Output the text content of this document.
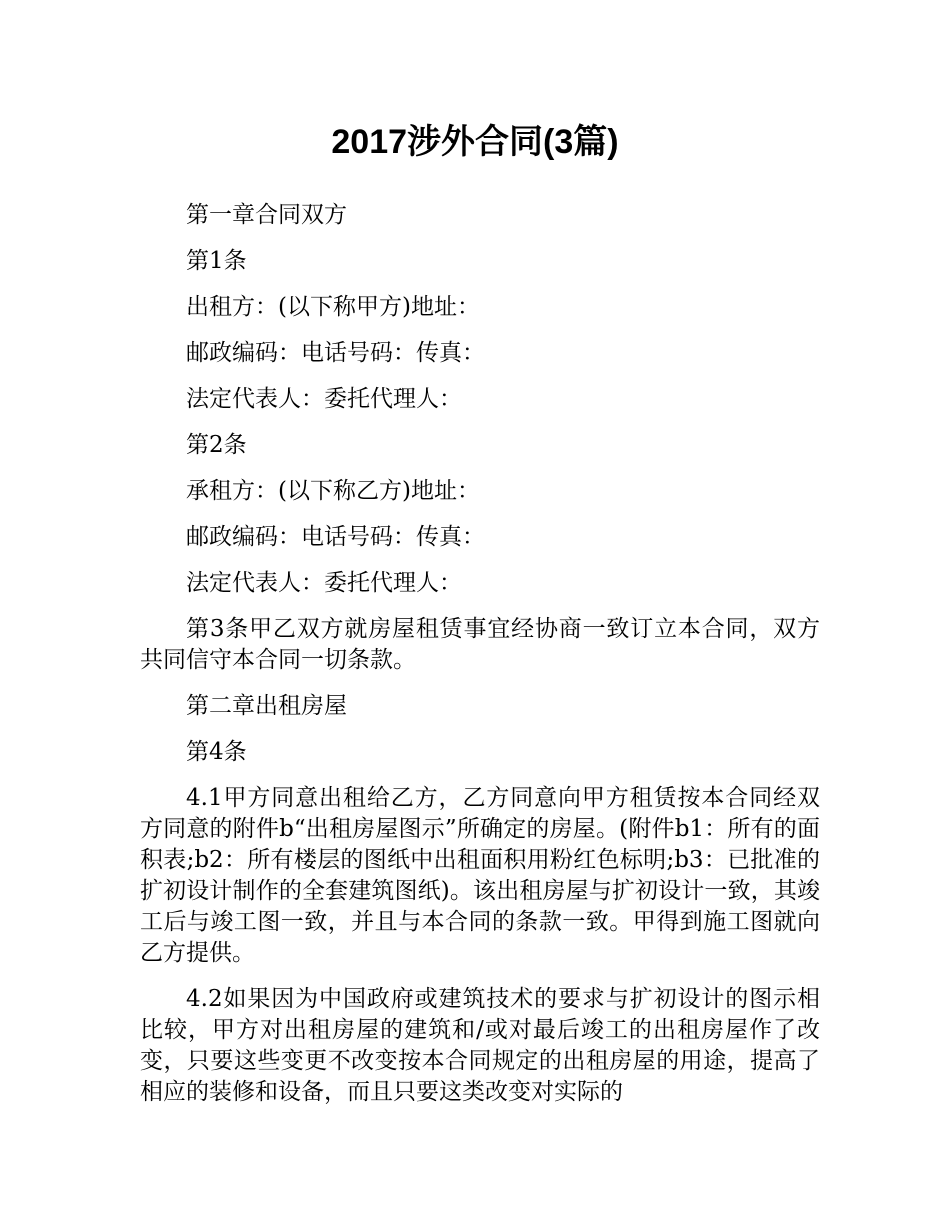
2017涉外合同(3篇)

第一章合同双方

第1条

出租方：(以下称甲方)地址：

邮政编码：电话号码：传真：

法定代表人：委托代理人：

第2条

承租方：(以下称乙方)地址：

邮政编码：电话号码：传真：

法定代表人：委托代理人：

第3条甲乙双方就房屋租赁事宜经协商一致订立本合同，双方共同信守本合同一切条款。

第二章出租房屋

第4条

4.1甲方同意出租给乙方，乙方同意向甲方租赁按本合同经双方同意的附件b“出租房屋图示”所确定的房屋。(附件b1：所有的面积表;b2：所有楼层的图纸中出租面积用粉红色标明;b3：已批准的扩初设计制作的全套建筑图纸)。该出租房屋与扩初设计一致，其竣工后与竣工图一致，并且与本合同的条款一致。甲得到施工图就向乙方提供。

4.2如果因为中国政府或建筑技术的要求与扩初设计的图示相比较，甲方对出租房屋的建筑和/或对最后竣工的出租房屋作了改变，只要这些变更不改变按本合同规定的出租房屋的用途，提高了相应的装修和设备，而且只要这类改变对实际的
